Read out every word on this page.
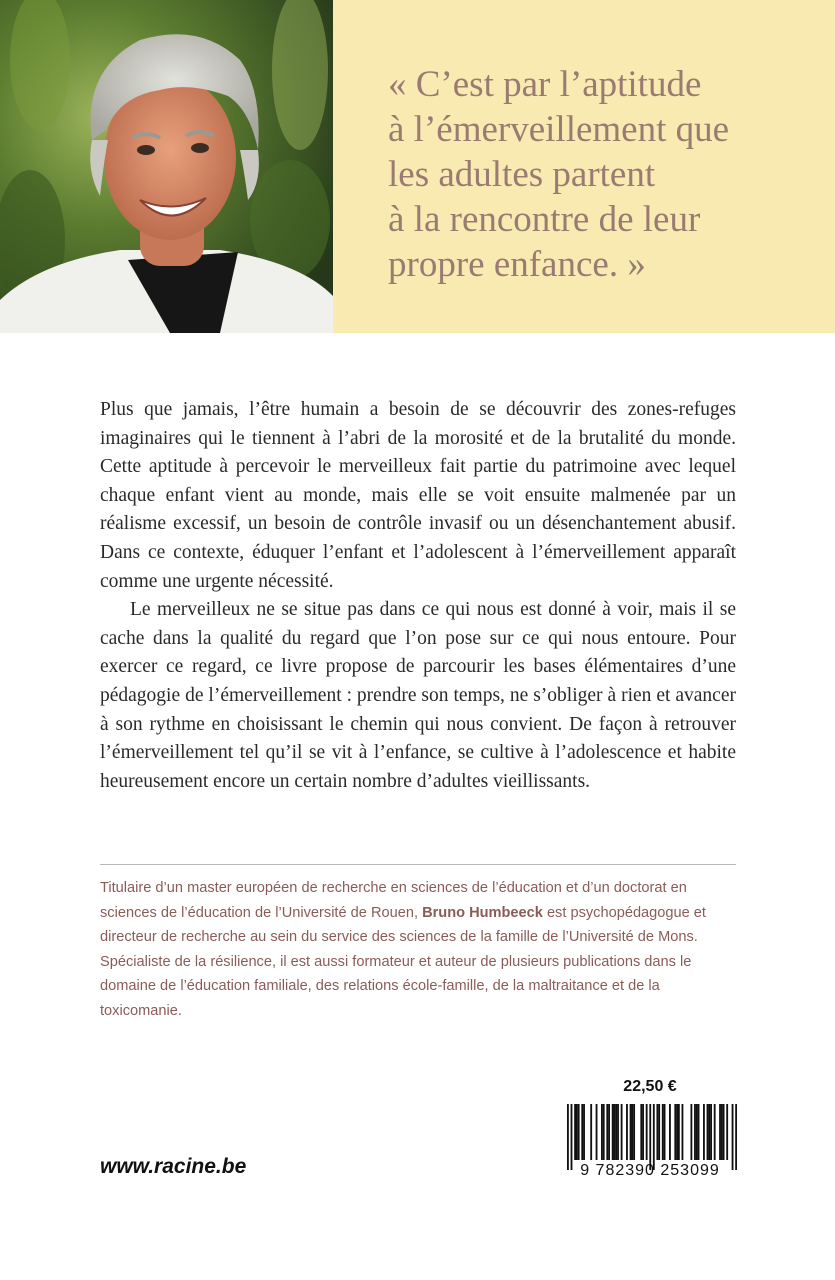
« C’est par l’aptitude
à l’émerveillement que
les adultes partent
à la rencontre de leur
propre enfance. »

Plus que jamais, l’être humain a besoin de se découvrir des zones-refuges imaginaires qui le tiennent à l’abri de la morosité et de la brutalité du monde. Cette aptitude à percevoir le merveilleux fait partie du patrimoine avec lequel chaque enfant vient au monde, mais elle se voit ensuite malmenée par un réalisme excessif, un besoin de contrôle invasif ou un désenchantement abusif. Dans ce contexte, éduquer l’enfant et l’adolescent à l’émerveillement apparaît comme une urgente nécessité.

Le merveilleux ne se situe pas dans ce qui nous est donné à voir, mais il se cache dans la qualité du regard que l’on pose sur ce qui nous entoure. Pour exercer ce regard, ce livre propose de parcourir les bases élémentaires d’une pédagogie de l’émerveillement : prendre son temps, ne s’obliger à rien et avancer à son rythme en choisissant le chemin qui nous convient. De façon à retrouver l’émerveillement tel qu’il se vit à l’enfance, se cultive à l’adolescence et habite heureusement encore un certain nombre d’adultes vieillissants.

Titulaire d’un master européen de recherche en sciences de l’éducation et d’un doctorat en sciences de l’éducation de l’Université de Rouen, Bruno Humbeeck est psychopédagogue et directeur de recherche au sein du service des sciences de la famille de l’Université de Mons. Spécialiste de la résilience, il est aussi formateur et auteur de plusieurs publications dans le domaine de l’éducation familiale, des relations école-famille, de la maltraitance et de la toxicomanie.

www.racine.be
22,50 €
9 782390 253099
